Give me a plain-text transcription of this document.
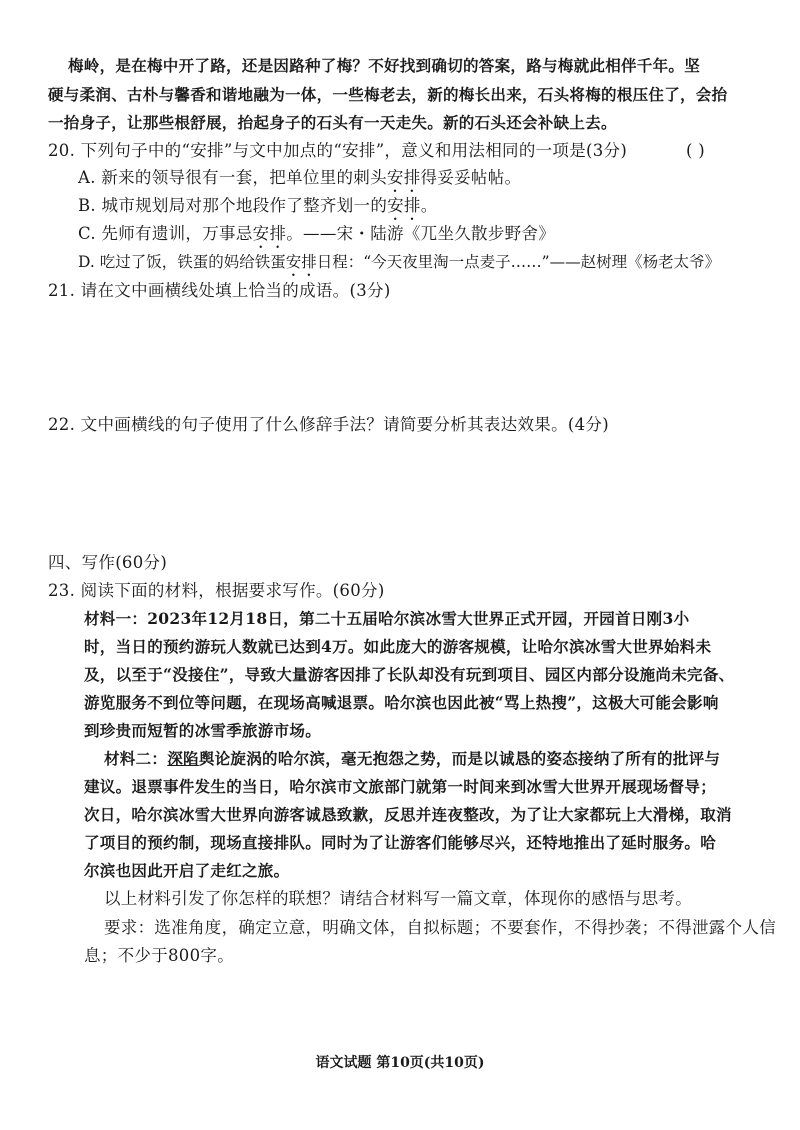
梅岭，是在梅中开了路，还是因路种了梅？不好找到确切的答案，路与梅就此相伴千年。坚
硬与柔润、古朴与馨香和谐地融为一体，一些梅老去，新的梅长出来，石头将梅的根压住了，会抬
一抬身子，让那些根舒展，抬起身子的石头有一天走失。新的石头还会补缺上去。
20. 下列句子中的“安排”与文中加点的“安排”，意义和用法相同的一项是(3分)	( )
A. 新来的领导很有一套，把单位里的刺头安排得妥妥帖帖。
B. 城市规划局对那个地段作了整齐划一的安排。
C. 先师有遗训，万事忌安排。——宋・陆游《兀坐久散步野舍》
D. 吃过了饭，铁蛋的妈给铁蛋安排日程：“今天夜里淘一点麦子……”——赵树理《杨老太爷》
21. 请在文中画横线处填上恰当的成语。(3分)
22. 文中画横线的句子使用了什么修辞手法？请简要分析其表达效果。(4分)
四、写作(60分)
23. 阅读下面的材料，根据要求写作。(60分)
材料一：2023年12月18日，第二十五届哈尔滨冰雪大世界正式开园，开园首日刚3小
时，当日的预约游玩人数就已达到4万。如此庞大的游客规模，让哈尔滨冰雪大世界始料未
及，以至于“没接住”，导致大量游客因排了长队却没有玩到项目、园区内部分设施尚未完备、
游览服务不到位等问题，在现场高喊退票。哈尔滨也因此被“骂上热搜”，这极大可能会影响
到珍贵而短暂的冰雪季旅游市场。
材料二：深陷舆论旋涡的哈尔滨，毫无抱怨之势，而是以诚恳的姿态接纳了所有的批评与
建议。退票事件发生的当日，哈尔滨市文旅部门就第一时间来到冰雪大世界开展现场督导；
次日，哈尔滨冰雪大世界向游客诚恳致歉，反思并连夜整改，为了让大家都玩上大滑梯，取消
了项目的预约制，现场直接排队。同时为了让游客们能够尽兴，还特地推出了延时服务。哈
尔滨也因此开启了走红之旅。
以上材料引发了你怎样的联想？请结合材料写一篇文章，体现你的感悟与思考。
要求：选准角度，确定立意，明确文体，自拟标题；不要套作，不得抄袭；不得泄露个人信
息；不少于800字。
语文试题 第10页(共10页)
